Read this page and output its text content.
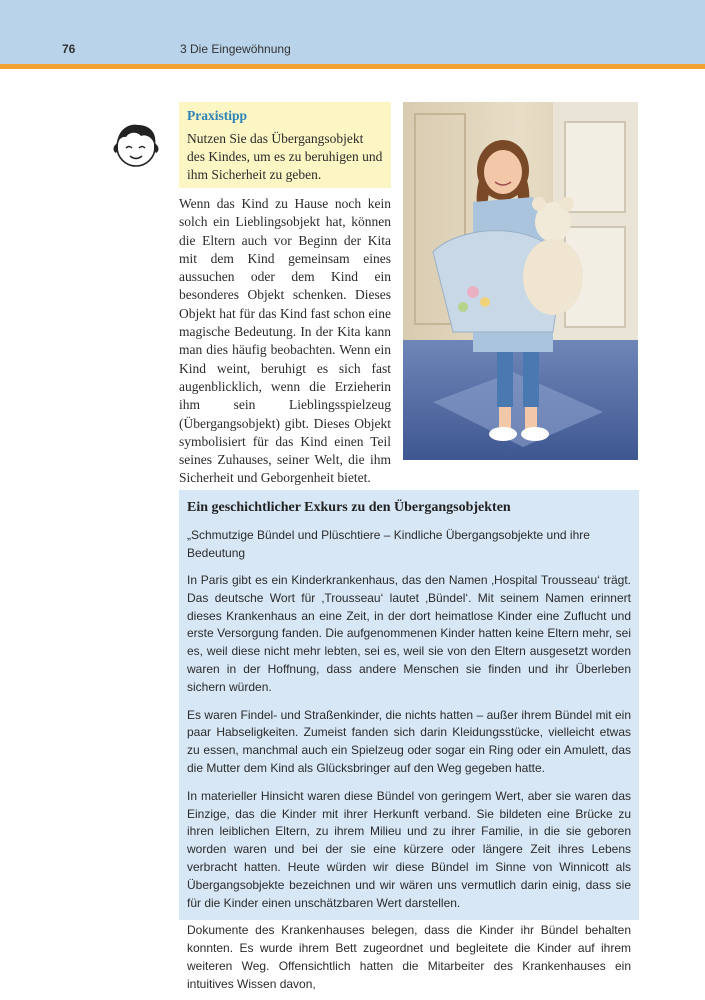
76	3 Die Eingewöhnung

Praxistipp

Nutzen Sie das Übergangsobjekt des Kindes, um es zu beruhigen und ihm Sicherheit zu geben.

Wenn das Kind zu Hause noch kein solch ein Lieblingsobjekt hat, können die Eltern auch vor Beginn der Kita mit dem Kind gemeinsam eines aussuchen oder dem Kind ein besonderes Objekt schenken. Dieses Objekt hat für das Kind fast schon eine magische Bedeutung. In der Kita kann man dies häufig beobachten. Wenn ein Kind weint, beruhigt es sich fast augenblicklich, wenn die Erzieherin ihm sein Lieblingsspielzeug (Übergangsobjekt) gibt. Dieses Objekt symbolisiert für das Kind einen Teil seines Zuhauses, seiner Welt, die ihm Sicherheit und Geborgenheit bietet.

Ein geschichtlicher Exkurs zu den Übergangsobjekten

„Schmutzige Bündel und Plüschtiere – Kindliche Übergangsobjekte und ihre Bedeutung

In Paris gibt es ein Kinderkrankenhaus, das den Namen ‚Hospital Trousseau‘ trägt. Das deutsche Wort für ‚Trousseau‘ lautet ‚Bündel‘. Mit seinem Namen erinnert dieses Krankenhaus an eine Zeit, in der dort heimatlose Kinder eine Zuflucht und erste Versorgung fanden. Die aufgenommenen Kinder hatten keine Eltern mehr, sei es, weil diese nicht mehr lebten, sei es, weil sie von den Eltern ausgesetzt worden waren in der Hoffnung, dass andere Menschen sie finden und ihr Überleben sichern würden.

Es waren Findel- und Straßenkinder, die nichts hatten – außer ihrem Bündel mit ein paar Habseligkeiten. Zumeist fanden sich darin Kleidungsstücke, vielleicht etwas zu essen, manchmal auch ein Spielzeug oder sogar ein Ring oder ein Amulett, das die Mutter dem Kind als Glücksbringer auf den Weg gegeben hatte.

In materieller Hinsicht waren diese Bündel von geringem Wert, aber sie waren das Einzige, das die Kinder mit ihrer Herkunft verband. Sie bildeten eine Brücke zu ihren leiblichen Eltern, zu ihrem Milieu und zu ihrer Familie, in die sie geboren worden waren und bei der sie eine kürzere oder längere Zeit ihres Lebens verbracht hatten. Heute würden wir diese Bündel im Sinne von Winnicott als Übergangsobjekte bezeichnen und wir wären uns vermutlich darin einig, dass sie für die Kinder einen unschätzbaren Wert darstellen.

Dokumente des Krankenhauses belegen, dass die Kinder ihr Bündel behalten konnten. Es wurde ihrem Bett zugeordnet und begleitete die Kinder auf ihrem weiteren Weg. Offensichtlich hatten die Mitarbeiter des Krankenhauses ein intuitives Wissen davon,
